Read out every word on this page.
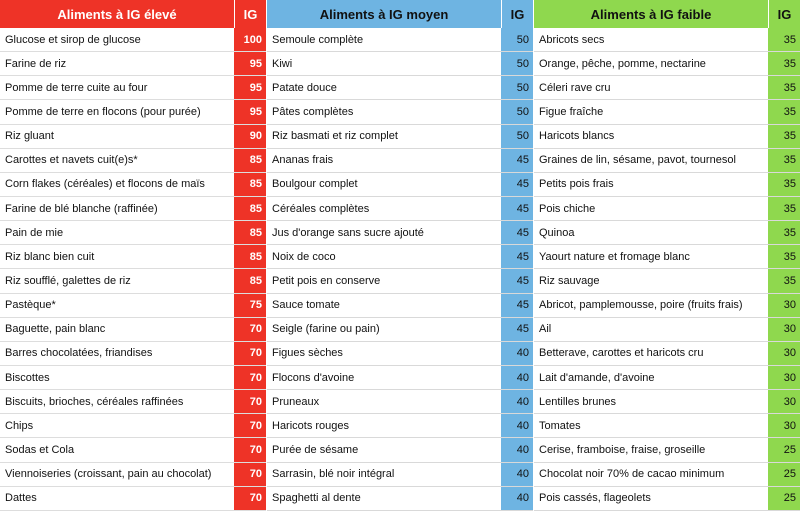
Aliments à IG élevé	IG
Glucose et sirop de glucose	100
Farine de riz	95
Pomme de terre cuite au four	95
Pomme de terre en flocons (pour purée)	95
Riz gluant	90
Carottes et navets cuit(e)s*	85
Corn flakes (céréales) et flocons de maïs	85
Farine de blé blanche (raffinée)	85
Pain de mie	85
Riz blanc bien cuit	85
Riz soufflé, galettes de riz	85
Pastèque*	75
Baguette, pain blanc	70
Barres chocolatées, friandises	70
Biscottes	70
Biscuits, brioches, céréales raffinées	70
Chips	70
Sodas et Cola	70
Viennoiseries (croissant, pain au chocolat)	70
Dattes	70
Aliments à IG moyen	IG
Semoule complète	50
Kiwi	50
Patate douce	50
Pâtes complètes	50
Riz basmati et riz complet	50
Ananas frais	45
Boulgour complet	45
Céréales complètes	45
Jus d'orange sans sucre ajouté	45
Noix de coco	45
Petit pois en conserve	45
Sauce tomate	45
Seigle (farine ou pain)	45
Figues sèches	40
Flocons d'avoine	40
Pruneaux	40
Haricots rouges	40
Purée de sésame	40
Sarrasin, blé noir intégral	40
Spaghetti al dente	40
Aliments à IG faible	IG
Abricots secs	35
Orange, pêche, pomme, nectarine	35
Céleri rave cru	35
Figue fraîche	35
Haricots blancs	35
Graines de lin, sésame, pavot, tournesol	35
Petits pois frais	35
Pois chiche	35
Quinoa	35
Yaourt nature et fromage blanc	35
Riz sauvage	35
Abricot, pamplemousse, poire (fruits frais)	30
Ail	30
Betterave, carottes et haricots cru	30
Lait d'amande, d'avoine	30
Lentilles brunes	30
Tomates	30
Cerise, framboise, fraise, groseille	25
Chocolat noir 70% de cacao minimum	25
Pois cassés, flageolets	25
